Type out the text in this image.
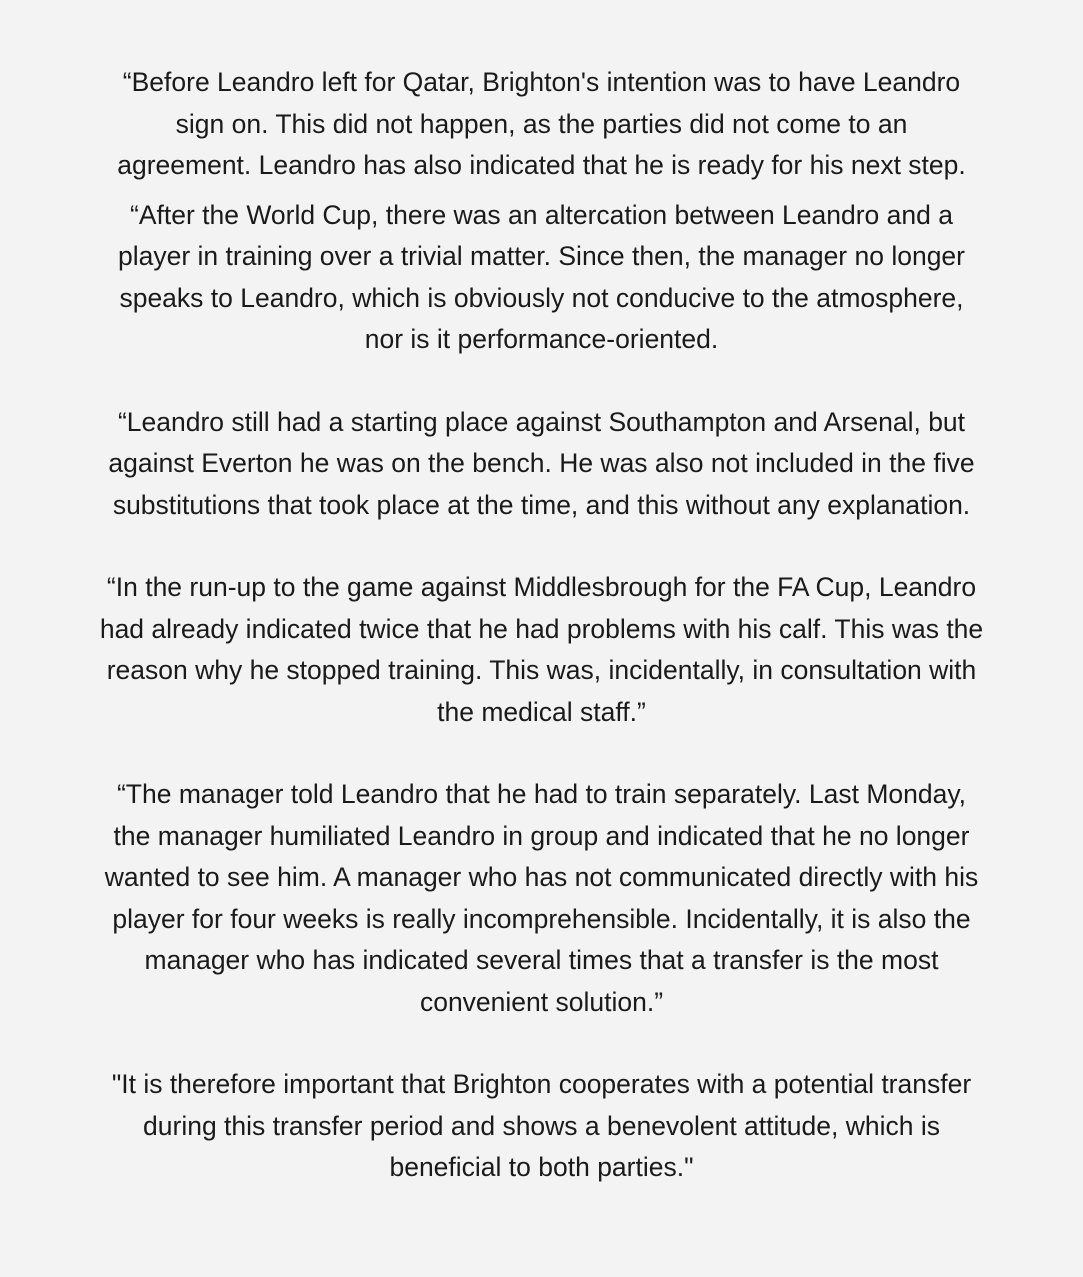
“Before Leandro left for Qatar, Brighton's intention was to have Leandro
sign on. This did not happen, as the parties did not come to an
agreement. Leandro has also indicated that he is ready for his next step.

“After the World Cup, there was an altercation between Leandro and a
player in training over a trivial matter. Since then, the manager no longer
speaks to Leandro, which is obviously not conducive to the atmosphere,
nor is it performance-oriented.

“Leandro still had a starting place against Southampton and Arsenal, but
against Everton he was on the bench. He was also not included in the five
substitutions that took place at the time, and this without any explanation.

“In the run-up to the game against Middlesbrough for the FA Cup, Leandro
had already indicated twice that he had problems with his calf. This was the
reason why he stopped training. This was, incidentally, in consultation with
the medical staff.”

“The manager told Leandro that he had to train separately. Last Monday,
the manager humiliated Leandro in group and indicated that he no longer
wanted to see him. A manager who has not communicated directly with his
player for four weeks is really incomprehensible. Incidentally, it is also the
manager who has indicated several times that a transfer is the most
convenient solution.”

"It is therefore important that Brighton cooperates with a potential transfer
during this transfer period and shows a benevolent attitude, which is
beneficial to both parties."
